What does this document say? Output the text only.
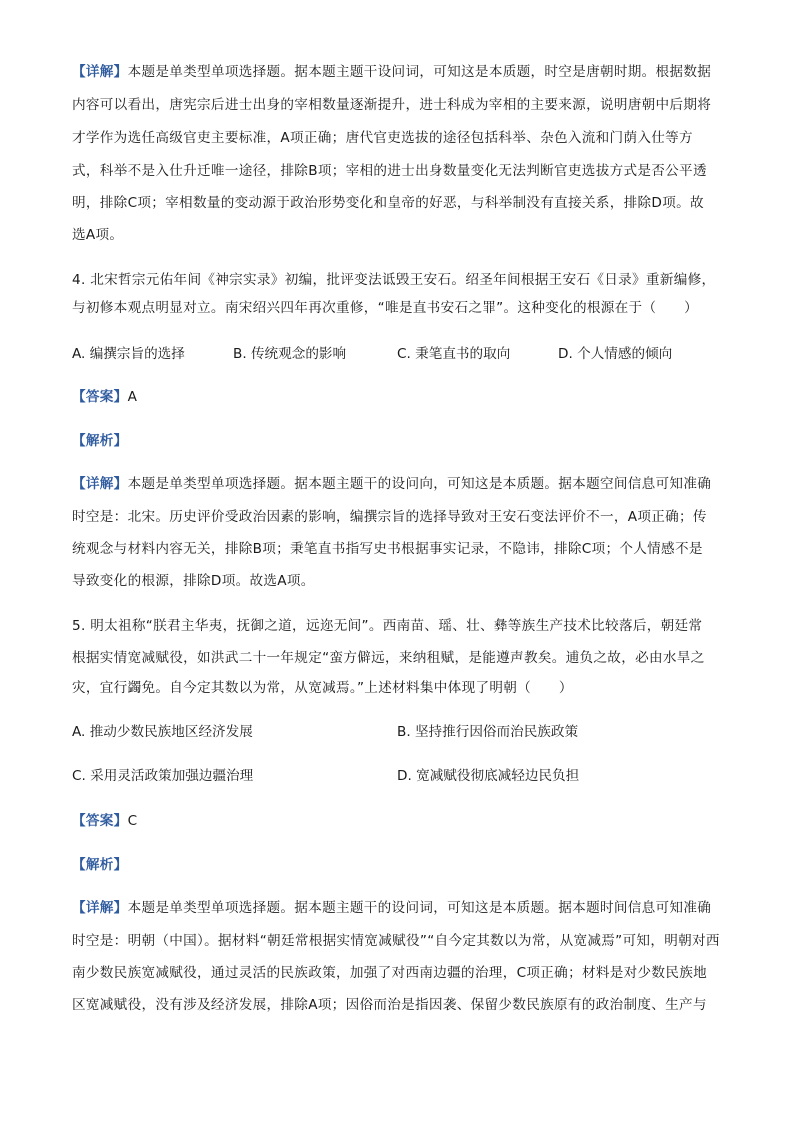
【详解】本题是单类型单项选择题。据本题主题干设问词，可知这是本质题，时空是唐朝时期。根据数据
内容可以看出，唐宪宗后进士出身的宰相数量逐渐提升，进士科成为宰相的主要来源，说明唐朝中后期将
才学作为选任高级官吏主要标准，A项正确；唐代官吏选拔的途径包括科举、杂色入流和门荫入仕等方
式，科举不是入仕升迁唯一途径，排除B项；宰相的进士出身数量变化无法判断官吏选拔方式是否公平透
明，排除C项；宰相数量的变动源于政治形势变化和皇帝的好恶，与科举制没有直接关系，排除D项。故
选A项。
4. 北宋哲宗元佑年间《神宗实录》初编，批评变法诋毁王安石。绍圣年间根据王安石《日录》重新编修，
与初修本观点明显对立。南宋绍兴四年再次重修，“唯是直书安石之罪”。这种变化的根源在于（　　）
A. 编撰宗旨的选择	B. 传统观念的影响	C. 秉笔直书的取向	D. 个人情感的倾向
【答案】A
【解析】
【详解】本题是单类型单项选择题。据本题主题干的设问向，可知这是本质题。据本题空间信息可知准确
时空是：北宋。历史评价受政治因素的影响，编撰宗旨的选择导致对王安石变法评价不一，A项正确；传
统观念与材料内容无关，排除B项；秉笔直书指写史书根据事实记录，不隐讳，排除C项；个人情感不是
导致变化的根源，排除D项。故选A项。
5. 明太祖称“朕君主华夷，抚御之道，远迩无间”。西南苗、瑶、壮、彝等族生产技术比较落后，朝廷常
根据实情宽减赋役，如洪武二十一年规定“蛮方僻远，来纳租赋，是能遵声教矣。逋负之故，必由水旱之
灾，宜行蠲免。自今定其数以为常，从宽减焉。”上述材料集中体现了明朝（　　）
A. 推动少数民族地区经济发展	B. 坚持推行因俗而治民族政策
C. 采用灵活政策加强边疆治理	D. 宽减赋役彻底减轻边民负担
【答案】C
【解析】
【详解】本题是单类型单项选择题。据本题主题干的设问词，可知这是本质题。据本题时间信息可知准确
时空是：明朝（中国）。据材料“朝廷常根据实情宽减赋役”“自今定其数以为常，从宽减焉”可知，明朝对西
南少数民族宽减赋役，通过灵活的民族政策，加强了对西南边疆的治理，C项正确；材料是对少数民族地
区宽减赋役，没有涉及经济发展，排除A项；因俗而治是指因袭、保留少数民族原有的政治制度、生产与
